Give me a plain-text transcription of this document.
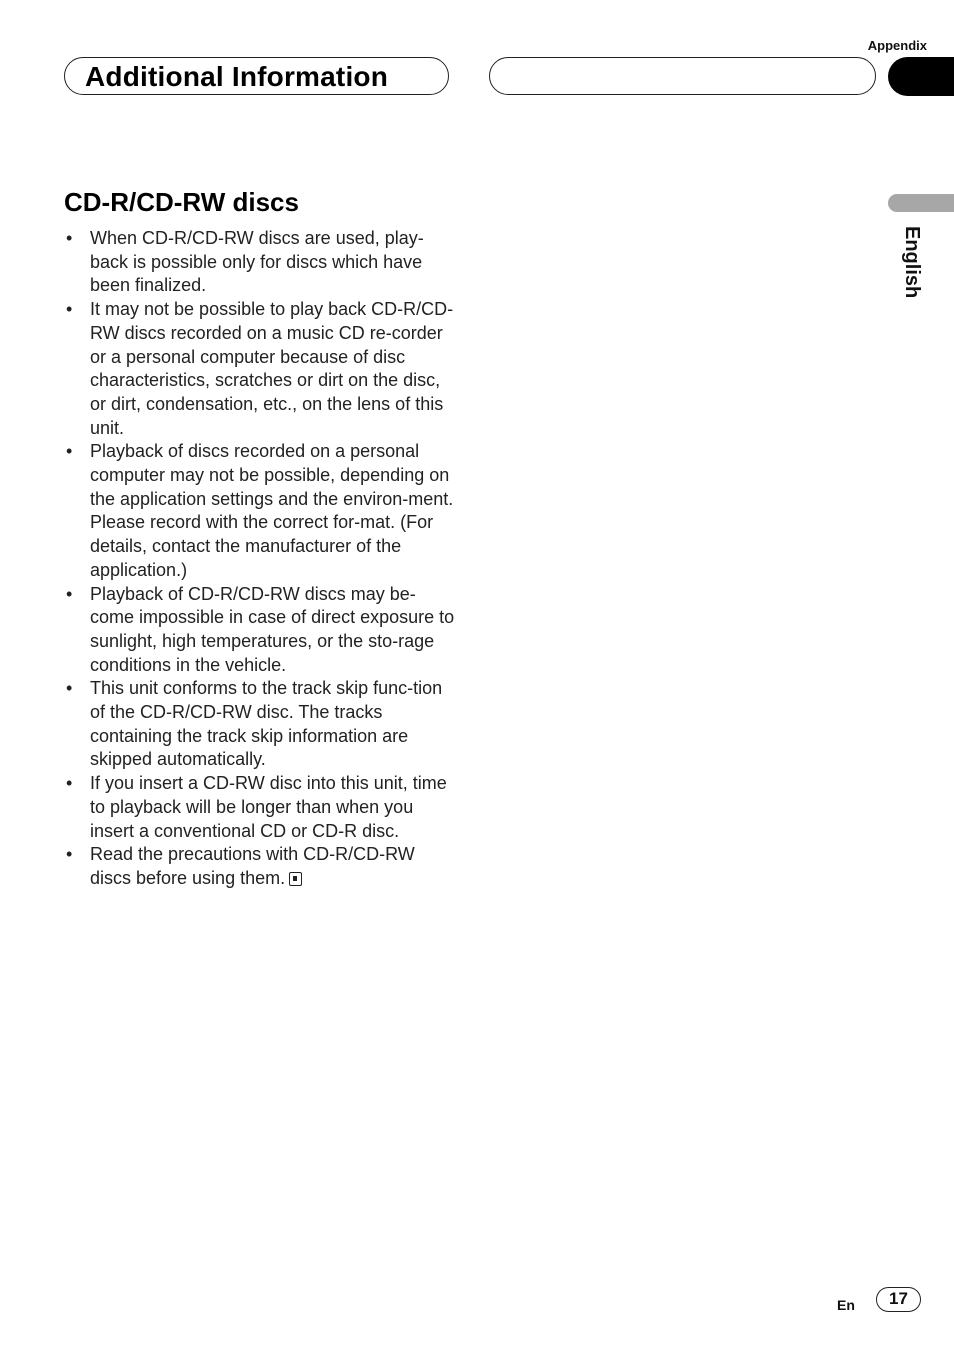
Appendix
Additional Information
English
CD-R/CD-RW discs
• When CD-R/CD-RW discs are used, play-back is possible only for discs which have been finalized.
• It may not be possible to play back CD-R/CD-RW discs recorded on a music CD re-corder or a personal computer because of disc characteristics, scratches or dirt on the disc, or dirt, condensation, etc., on the lens of this unit.
• Playback of discs recorded on a personal computer may not be possible, depending on the application settings and the environ-ment. Please record with the correct for-mat. (For details, contact the manufacturer of the application.)
• Playback of CD-R/CD-RW discs may be-come impossible in case of direct exposure to sunlight, high temperatures, or the sto-rage conditions in the vehicle.
• This unit conforms to the track skip func-tion of the CD-R/CD-RW disc. The tracks containing the track skip information are skipped automatically.
• If you insert a CD-RW disc into this unit, time to playback will be longer than when you insert a conventional CD or CD-R disc.
• Read the precautions with CD-R/CD-RW discs before using them.
En	17
